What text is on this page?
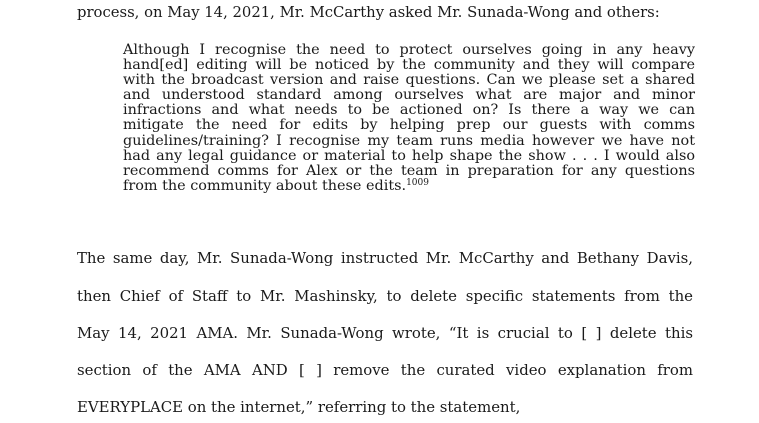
process, on May 14, 2021, Mr. McCarthy asked Mr. Sunada-Wong and others:
Although I recognise the need to protect ourselves going in any heavy
hand[ed] editing will be noticed by the community and they will compare
with the broadcast version and raise questions. Can we please set a shared
and understood standard among ourselves what are major and minor
infractions and what needs to be actioned on? Is there a way we can
mitigate the need for edits by helping prep our guests with comms
guidelines/training? I recognise my team runs media however we have not
had any legal guidance or material to help shape the show . . . I would also
recommend comms for Alex or the team in preparation for any questions
from the community about these edits.$^{1009}$
The same day, Mr. Sunada-Wong instructed Mr. McCarthy and Bethany Davis,
then Chief of Staff to Mr. Mashinsky, to delete specific statements from the
May 14, 2021 AMA. Mr. Sunada-Wong wrote, “It is crucial to [ ] delete this
section of the AMA AND [ ] remove the curated video explanation from
EVERYPLACE on the internet,” referring to the statement,
